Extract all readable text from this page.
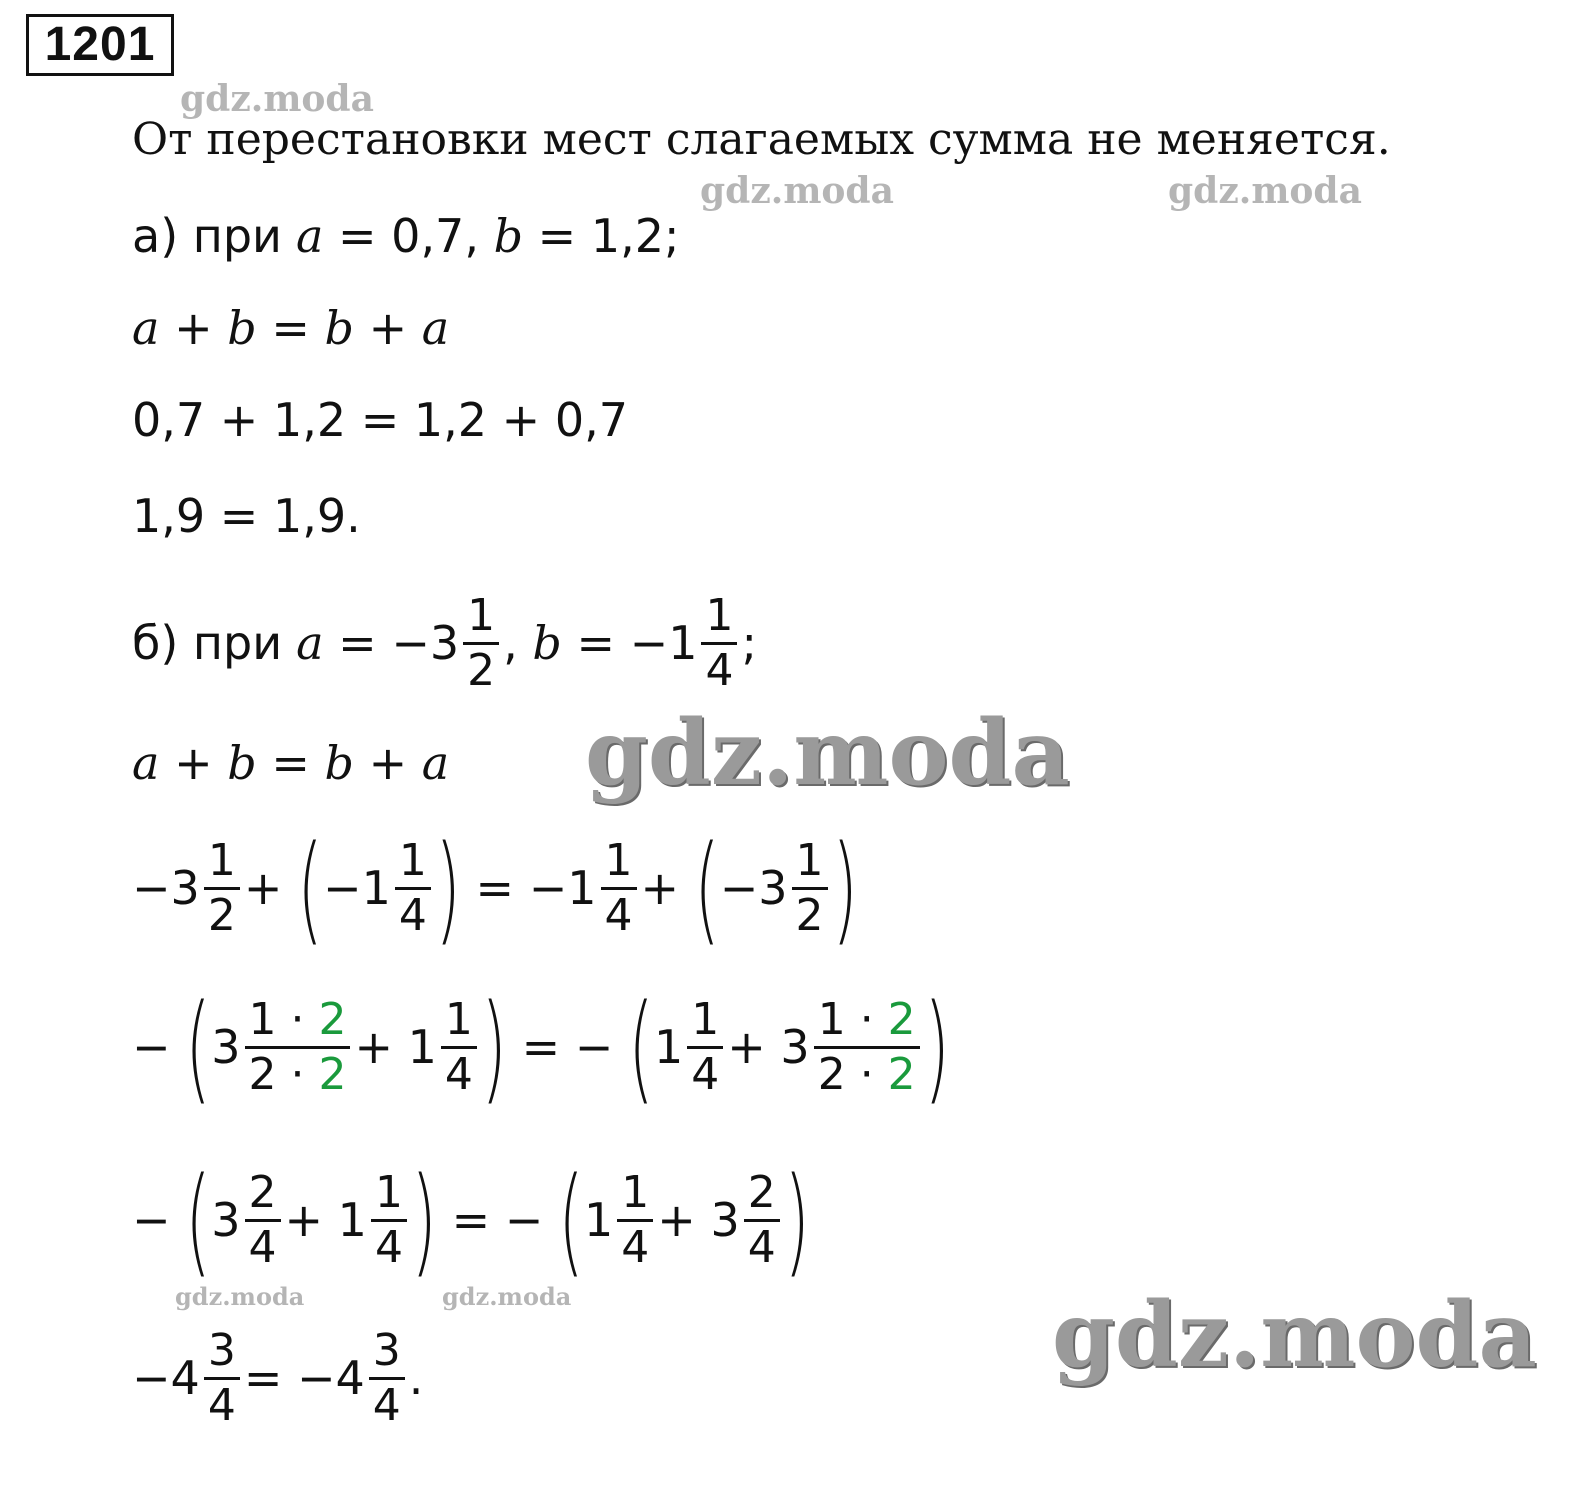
1201
gdz.moda
gdz.moda	gdz.moda
gdz.moda
gdz.moda	gdz.moda	gdz.moda
От перестановки мест слагаемых сумма не меняется.
а) при a = 0,7 , b = 1,2;
a
+
b
=
b
+
a
0,7 + 1,2 = 1,2 + 0,7
1,9 = 1,9.
б) при $a = -3 \frac{1}{2}$ , $b = -1 \frac{1}{4}$ ;
a
+
b
=
b
+
a
$-3 \frac{1}{2}$ + ( $-1 \frac{1}{4}$ ) = $-1 \frac{1}{4}$ + ( $-3 \frac{1}{2}$ )
− ( $3 \frac{1 \cdot 2}{2 \cdot 2} + 1 \frac{1}{4}$ ) = − ( $1 \frac{1}{4} + 3 \frac{1 \cdot 2}{2 \cdot 2}$ )
− ( $3 \frac{2}{4} + 1 \frac{1}{4}$ ) = − ( $1 \frac{1}{4} + 3 \frac{2}{4}$ )
$-4 \frac{3}{4} = -4 \frac{3}{4}$ .
